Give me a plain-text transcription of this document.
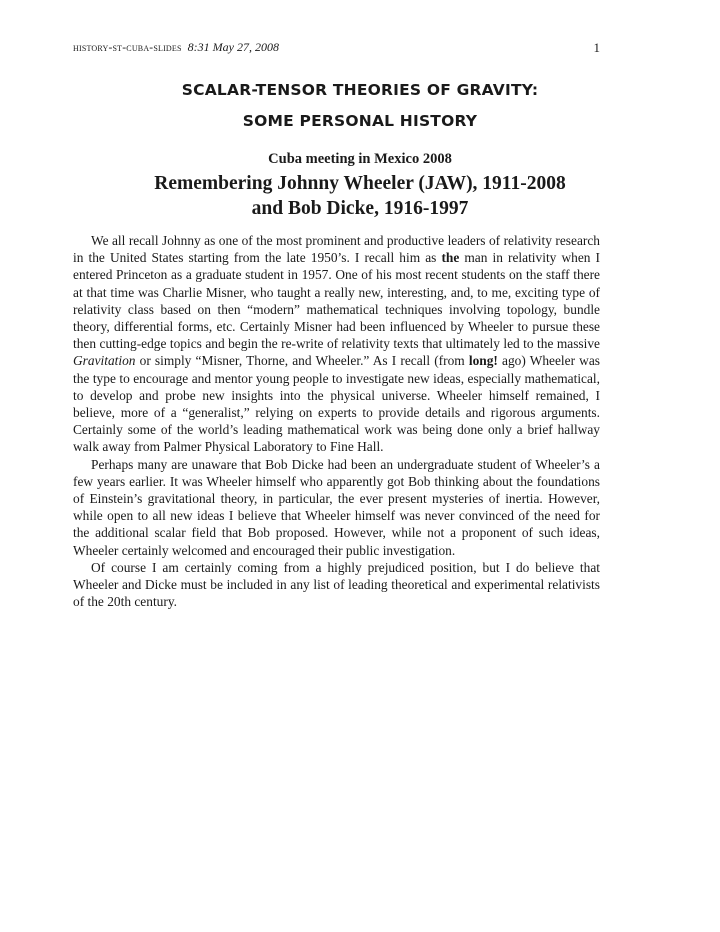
history-st-cuba-slides 8:31 May 27, 2008	1
SCALAR-TENSOR THEORIES OF GRAVITY:
SOME PERSONAL HISTORY
Cuba meeting in Mexico 2008
Remembering Johnny Wheeler (JAW), 1911-2008
and Bob Dicke, 1916-1997

We all recall Johnny as one of the most prominent and productive leaders of relativity research in the United States starting from the late 1950’s. I recall him as the man in relativity when I entered Princeton as a graduate student in 1957. One of his most recent students on the staff there at that time was Charlie Misner, who taught a really new, interesting, and, to me, exciting type of relativity class based on then “modern” mathematical techniques involving topology, bundle theory, differential forms, etc. Certainly Misner had been influenced by Wheeler to pursue these then cutting-edge topics and begin the re-write of relativity texts that ultimately led to the massive Gravitation or simply “Misner, Thorne, and Wheeler.” As I recall (from long! ago) Wheeler was the type to encourage and mentor young people to investigate new ideas, especially mathematical, to develop and probe new insights into the physical universe. Wheeler himself remained, I believe, more of a “generalist,” relying on experts to provide details and rigorous arguments. Certainly some of the world’s leading mathematical work was being done only a brief hallway walk away from Palmer Physical Laboratory to Fine Hall.

Perhaps many are unaware that Bob Dicke had been an undergraduate student of Wheeler’s a few years earlier. It was Wheeler himself who apparently got Bob thinking about the foundations of Einstein’s gravitational theory, in particular, the ever present mysteries of inertia. However, while open to all new ideas I believe that Wheeler himself was never convinced of the need for the additional scalar field that Bob proposed. However, while not a proponent of such ideas, Wheeler certainly welcomed and encouraged their public investigation.

Of course I am certainly coming from a highly prejudiced position, but I do believe that Wheeler and Dicke must be included in any list of leading theoretical and experimental relativists of the 20th century.
